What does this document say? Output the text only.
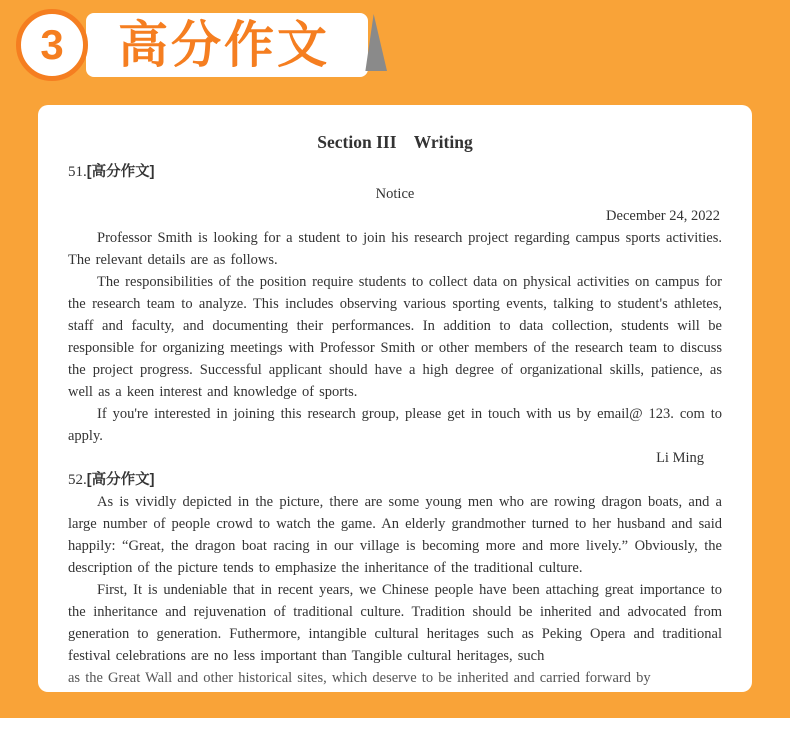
高分作文
3
Section III    Writing
51.[高分作文]
Notice
December 24, 2022

Professor Smith is looking for a student to join his research project regarding campus sports activities. The relevant details are as follows.

The responsibilities of the position require students to collect data on physical activities on campus for the research team to analyze. This includes observing various sporting events, talking to student's athletes, staff and faculty, and documenting their performances. In addition to data collection, students will be responsible for organizing meetings with Professor Smith or other members of the research team to discuss the project progress. Successful applicant should have a high degree of organizational skills, patience, as well as a keen interest and knowledge of sports.

If you're interested in joining this research group, please get in touch with us by email@ 123. com to apply.

Li Ming
52.[高分作文]

As is vividly depicted in the picture, there are some young men who are rowing dragon boats, and a large number of people crowd to watch the game. An elderly grandmother turned to her husband and said happily: “Great, the dragon boat racing in our village is becoming more and more lively.” Obviously, the description of the picture tends to emphasize the inheritance of the traditional culture.

First, It is undeniable that in recent years, we Chinese people have been attaching great importance to the inheritance and rejuvenation of traditional culture. Tradition should be inherited and advocated from generation to generation. Futhermore, intangible cultural heritages such as Peking Opera and traditional festival celebrations are no less important than Tangible cultural heritages, such

as the Great Wall and other historical sites, which deserve to be inherited and carried forward by
